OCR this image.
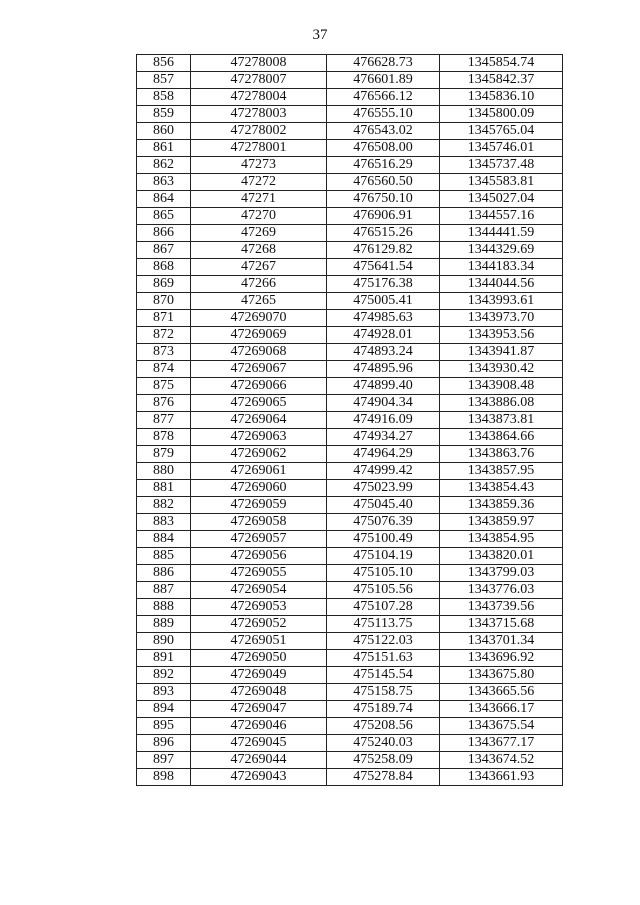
37
856	47278008	476628.73	1345854.74
857	47278007	476601.89	1345842.37
858	47278004	476566.12	1345836.10
859	47278003	476555.10	1345800.09
860	47278002	476543.02	1345765.04
861	47278001	476508.00	1345746.01
862	47273	476516.29	1345737.48
863	47272	476560.50	1345583.81
864	47271	476750.10	1345027.04
865	47270	476906.91	1344557.16
866	47269	476515.26	1344441.59
867	47268	476129.82	1344329.69
868	47267	475641.54	1344183.34
869	47266	475176.38	1344044.56
870	47265	475005.41	1343993.61
871	47269070	474985.63	1343973.70
872	47269069	474928.01	1343953.56
873	47269068	474893.24	1343941.87
874	47269067	474895.96	1343930.42
875	47269066	474899.40	1343908.48
876	47269065	474904.34	1343886.08
877	47269064	474916.09	1343873.81
878	47269063	474934.27	1343864.66
879	47269062	474964.29	1343863.76
880	47269061	474999.42	1343857.95
881	47269060	475023.99	1343854.43
882	47269059	475045.40	1343859.36
883	47269058	475076.39	1343859.97
884	47269057	475100.49	1343854.95
885	47269056	475104.19	1343820.01
886	47269055	475105.10	1343799.03
887	47269054	475105.56	1343776.03
888	47269053	475107.28	1343739.56
889	47269052	475113.75	1343715.68
890	47269051	475122.03	1343701.34
891	47269050	475151.63	1343696.92
892	47269049	475145.54	1343675.80
893	47269048	475158.75	1343665.56
894	47269047	475189.74	1343666.17
895	47269046	475208.56	1343675.54
896	47269045	475240.03	1343677.17
897	47269044	475258.09	1343674.52
898	47269043	475278.84	1343661.93
